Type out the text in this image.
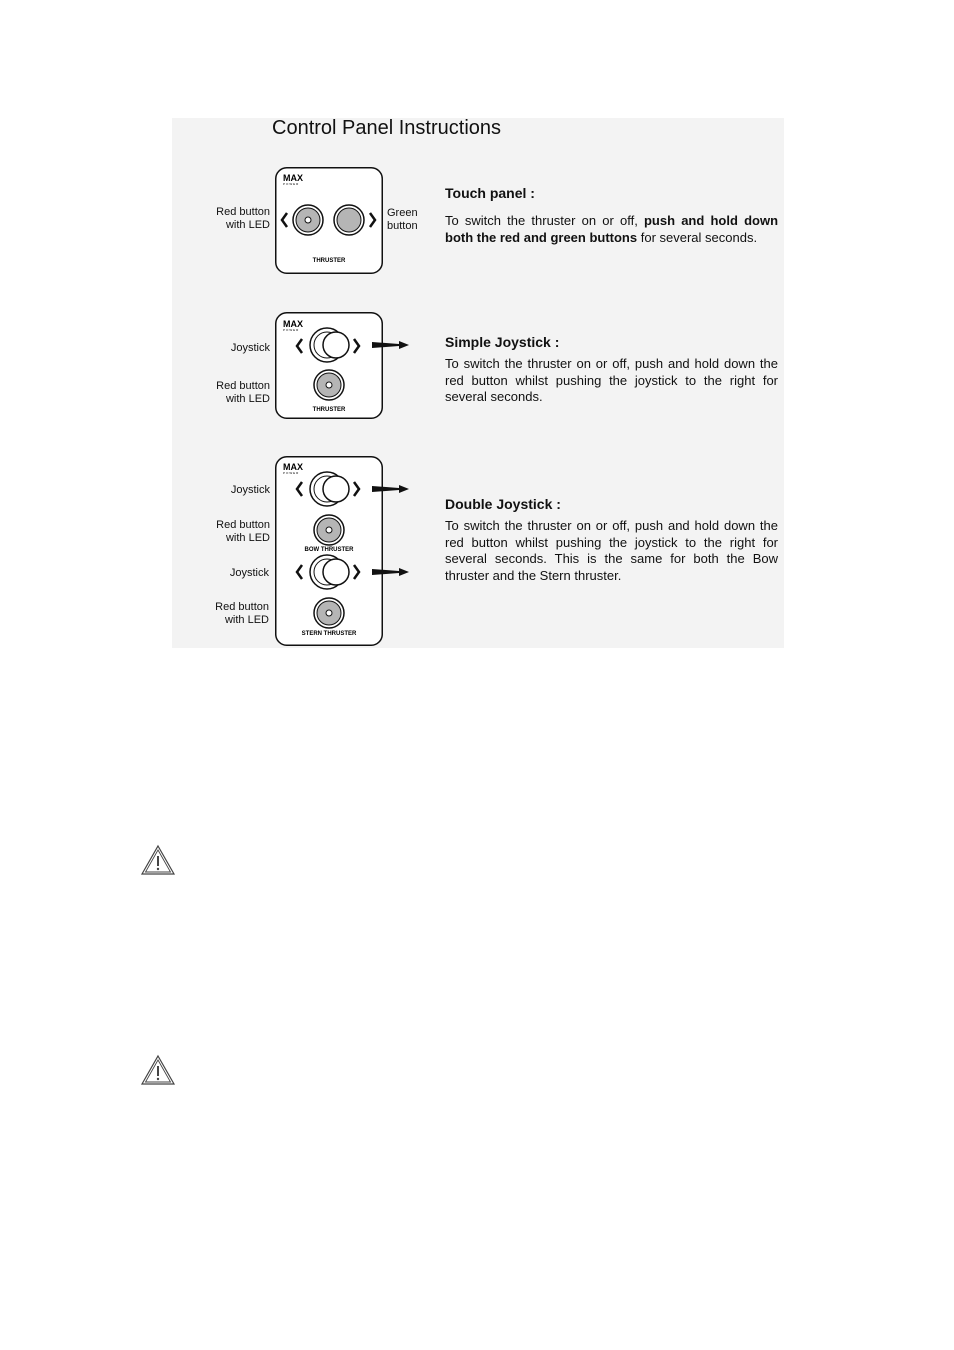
Control Panel Instructions
Red button
with LED
Green
button
MAX
POWER
THRUSTER
Touch panel :

To switch the thruster on or off, push and hold down both the red and green buttons for several seconds.

Joystick
Red button
with LED
MAX
POWER
THRUSTER
Simple Joystick :

To switch the thruster on or off, push and hold down the red button whilst pushing the joystick to the right for several seconds.

Joystick
Red button
with LED
Joystick
Red button
with LED
MAX
POWER
BOW THRUSTER
STERN THRUSTER
Double Joystick :

To switch the thruster on or off, push and hold down the red button whilst pushing the joystick to the right for several seconds. This is the same for both the Bow thruster and the Stern thruster.
